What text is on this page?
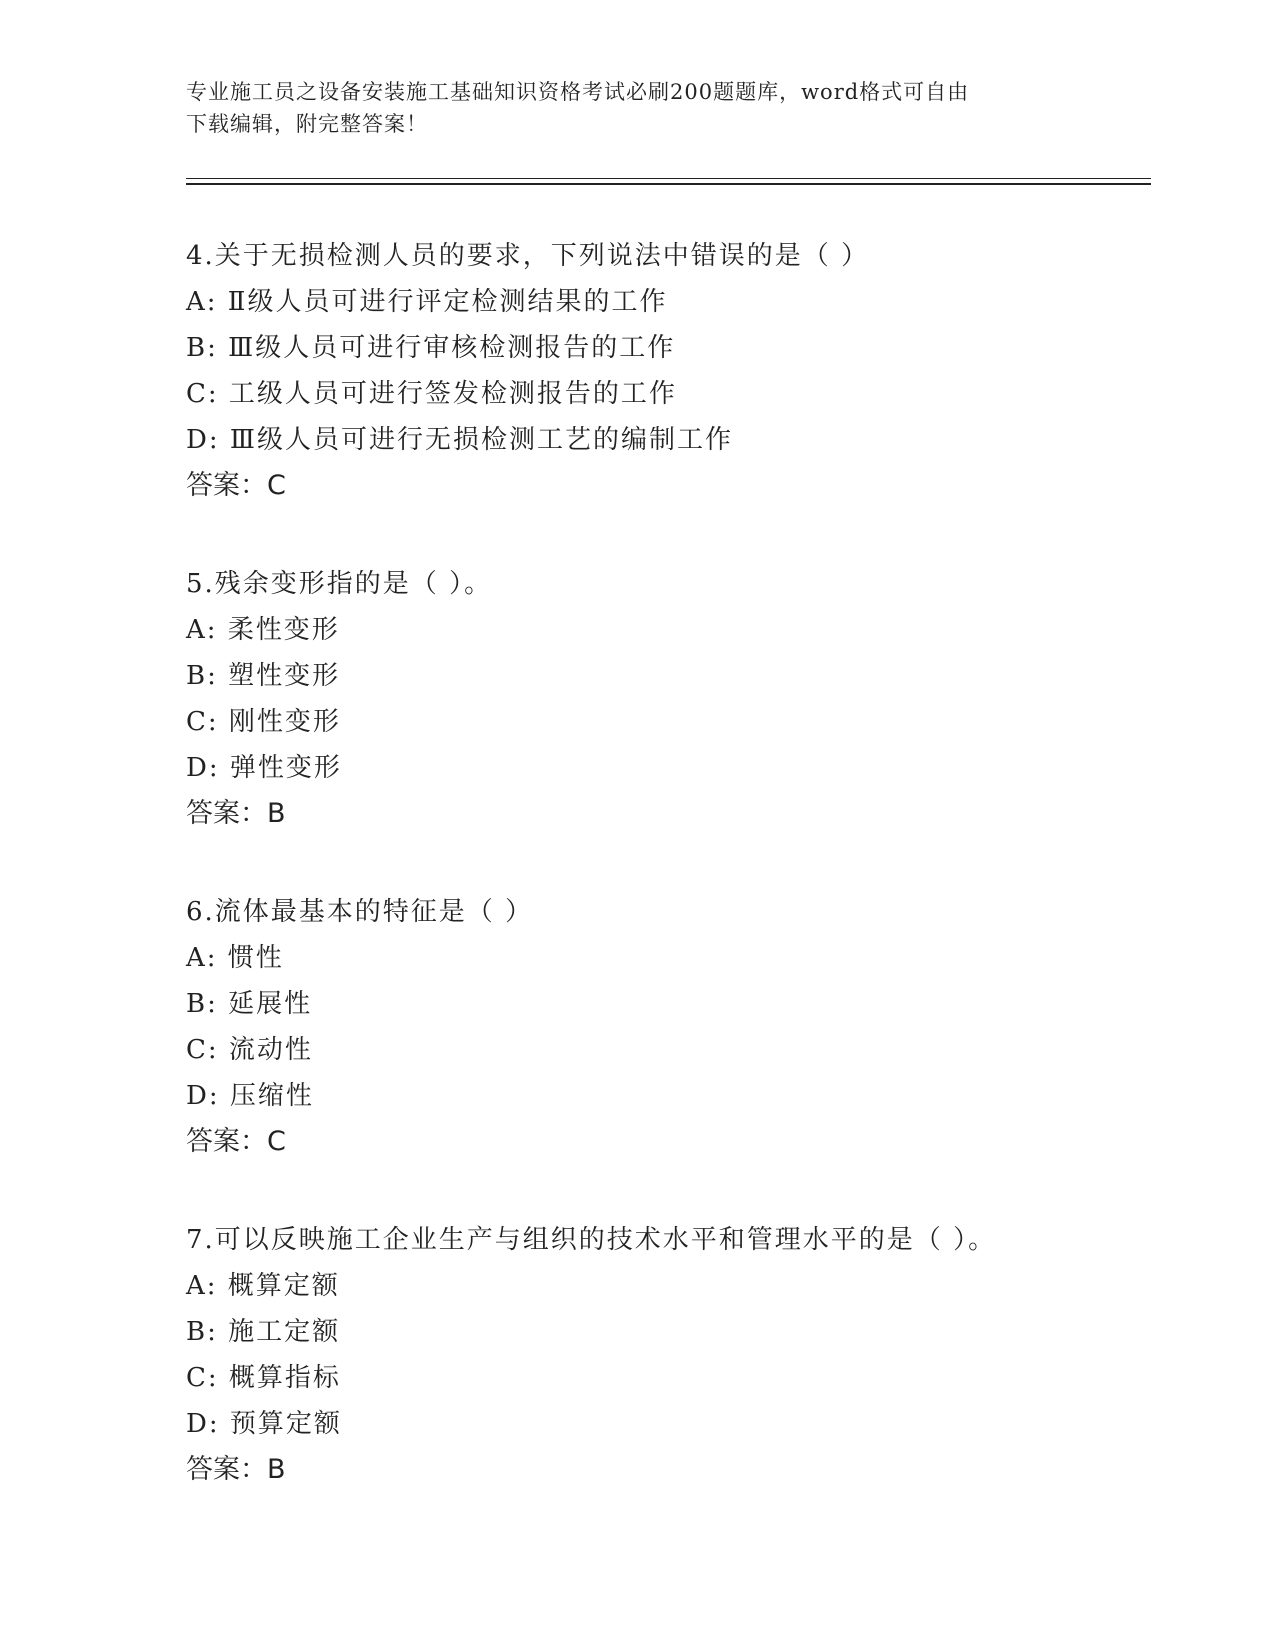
专业施工员之设备安装施工基础知识资格考试必刷200题题库，word格式可自由
下载编辑，附完整答案！
4.关于无损检测人员的要求，下列说法中错误的是（ ）
A: Ⅱ级人员可进行评定检测结果的工作
B: Ⅲ级人员可进行审核检测报告的工作
C: 工级人员可进行签发检测报告的工作
D: Ⅲ级人员可进行无损检测工艺的编制工作
答案：C
5.残余变形指的是（ ）。
A: 柔性变形
B: 塑性变形
C: 刚性变形
D: 弹性变形
答案：B
6.流体最基本的特征是（ ）
A: 惯性
B: 延展性
C: 流动性
D: 压缩性
答案：C
7.可以反映施工企业生产与组织的技术水平和管理水平的是（ ）。
A: 概算定额
B: 施工定额
C: 概算指标
D: 预算定额
答案：B
